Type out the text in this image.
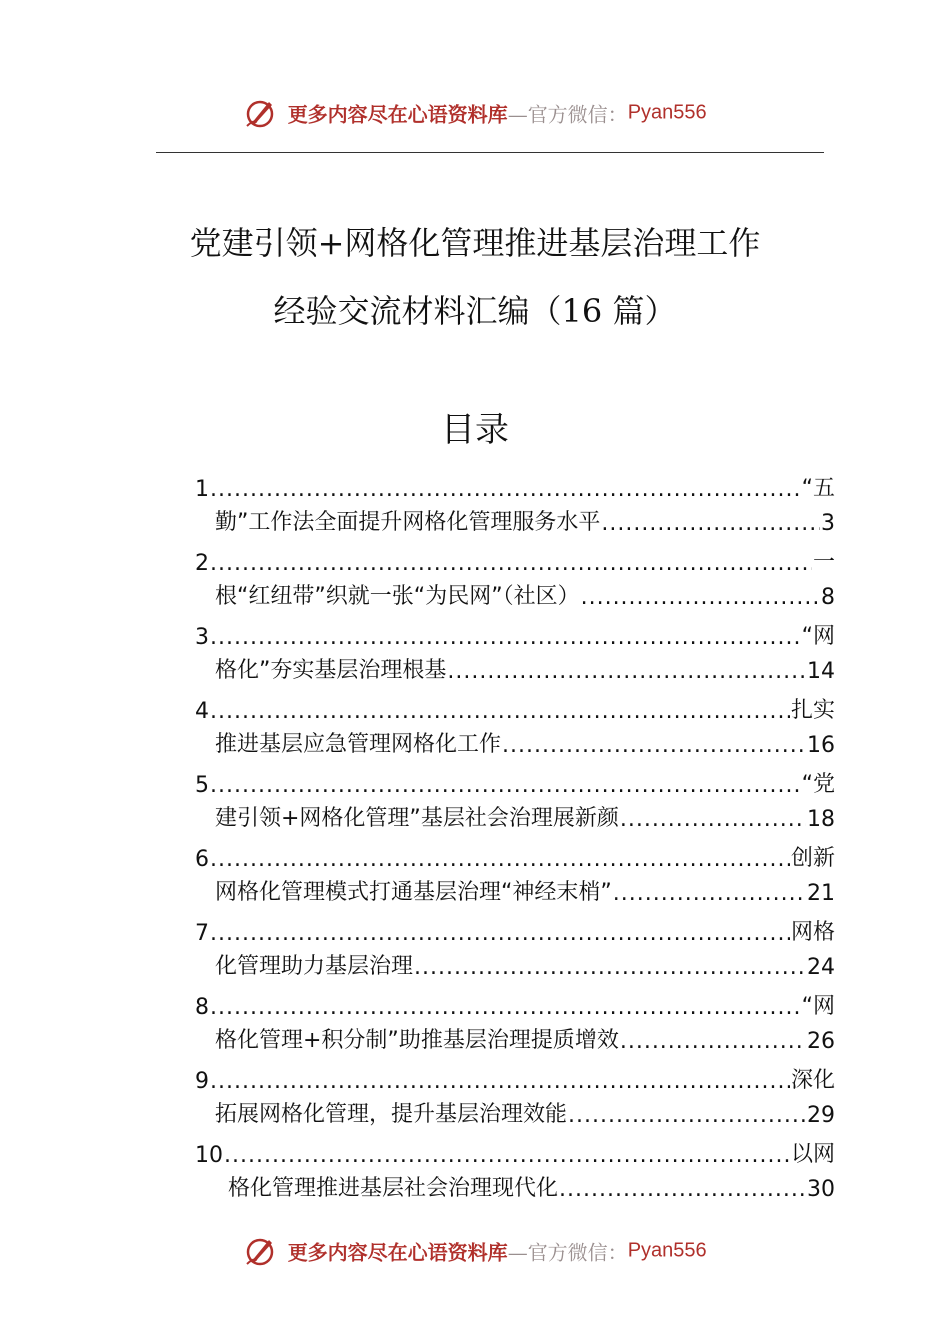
更多内容尽在心语资料库—官方微信：Pyan556
党建引领+网格化管理推进基层治理工作
经验交流材料汇编（16 篇）
目录
1 .....	“五
勤”工作法全面提升网格化管理服务水平 .....	3
2 .....	一
根“红纽带”织就一张“为民网”（社区） .....	8
3 .....	“网
格化”夯实基层治理根基 .....	14
4 .....	扎实
推进基层应急管理网格化工作 .....	16
5 .....	“党
建引领+网格化管理”基层社会治理展新颜 .....	18
6 .....	创新
网格化管理模式打通基层治理“神经末梢” .....	21
7 .....	网格
化管理助力基层治理 .....	24
8 .....	“网
格化管理+积分制”助推基层治理提质增效 .....	26
9 .....	深化
拓展网格化管理，提升基层治理效能 .....	29
10 .....	以网
格化管理推进基层社会治理现代化 .....	30
更多内容尽在心语资料库—官方微信：Pyan556
